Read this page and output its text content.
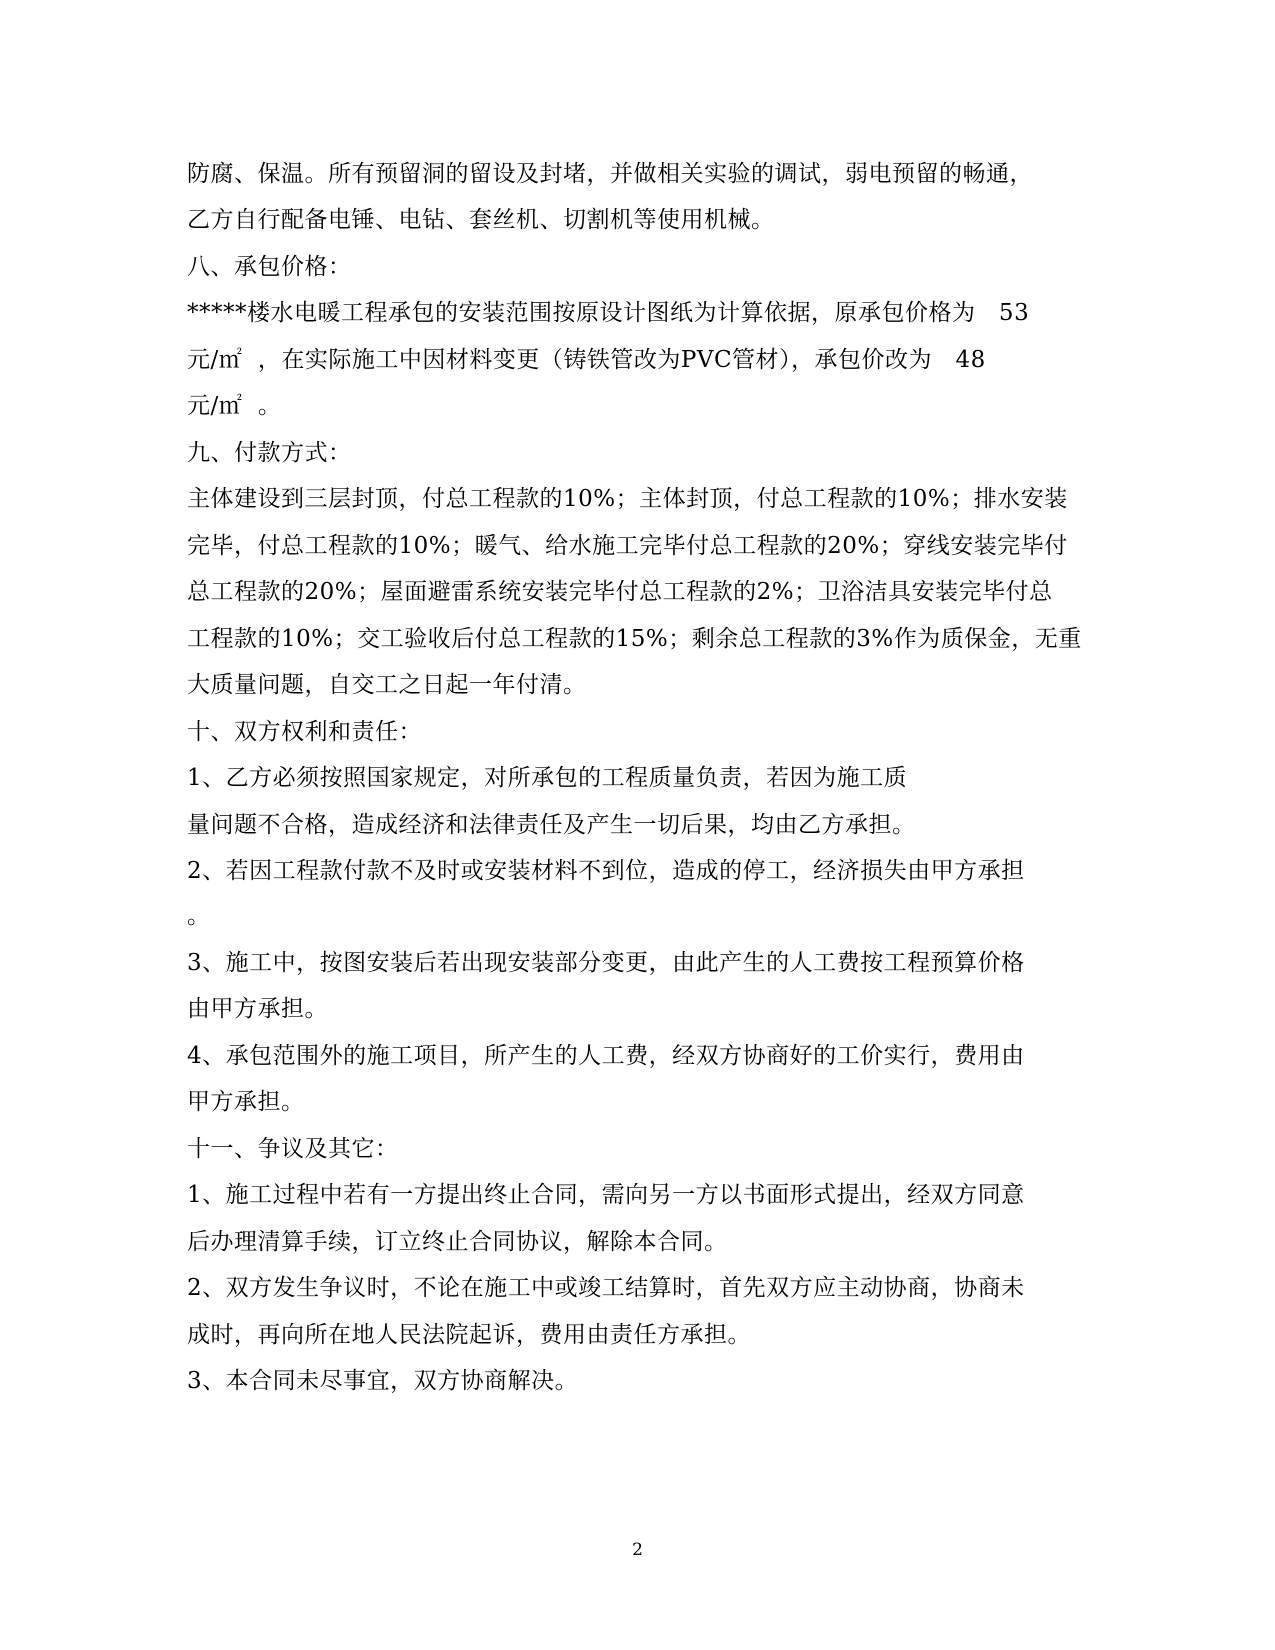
防腐、保温。所有预留洞的留设及封堵，并做相关实验的调试，弱电预留的畅通，
乙方自行配备电锤、电钻、套丝机、切割机等使用机械。
八、承包价格：
*****楼水电暖工程承包的安装范围按原设计图纸为计算依据，原承包价格为   53
元/㎡  ，在实际施工中因材料变更（铸铁管改为PVC管材），承包价改为   48
元/㎡  。
九、付款方式：
主体建设到三层封顶，付总工程款的10%；主体封顶，付总工程款的10%；排水安装
完毕，付总工程款的10%；暖气、给水施工完毕付总工程款的20%；穿线安装完毕付
总工程款的20%；屋面避雷系统安装完毕付总工程款的2%；卫浴洁具安装完毕付总
工程款的10%；交工验收后付总工程款的15%；剩余总工程款的3%作为质保金，无重
大质量问题，自交工之日起一年付清。
十、双方权利和责任：
1、乙方必须按照国家规定，对所承包的工程质量负责，若因为施工质
量问题不合格，造成经济和法律责任及产生一切后果，均由乙方承担。
2、若因工程款付款不及时或安装材料不到位，造成的停工，经济损失由甲方承担
。
3、施工中，按图安装后若出现安装部分变更，由此产生的人工费按工程预算价格
由甲方承担。
4、承包范围外的施工项目，所产生的人工费，经双方协商好的工价实行，费用由
甲方承担。
十一、争议及其它：
1、施工过程中若有一方提出终止合同，需向另一方以书面形式提出，经双方同意
后办理清算手续，订立终止合同协议，解除本合同。
2、双方发生争议时，不论在施工中或竣工结算时，首先双方应主动协商，协商未
成时，再向所在地人民法院起诉，费用由责任方承担。
3、本合同未尽事宜，双方协商解决。
2
